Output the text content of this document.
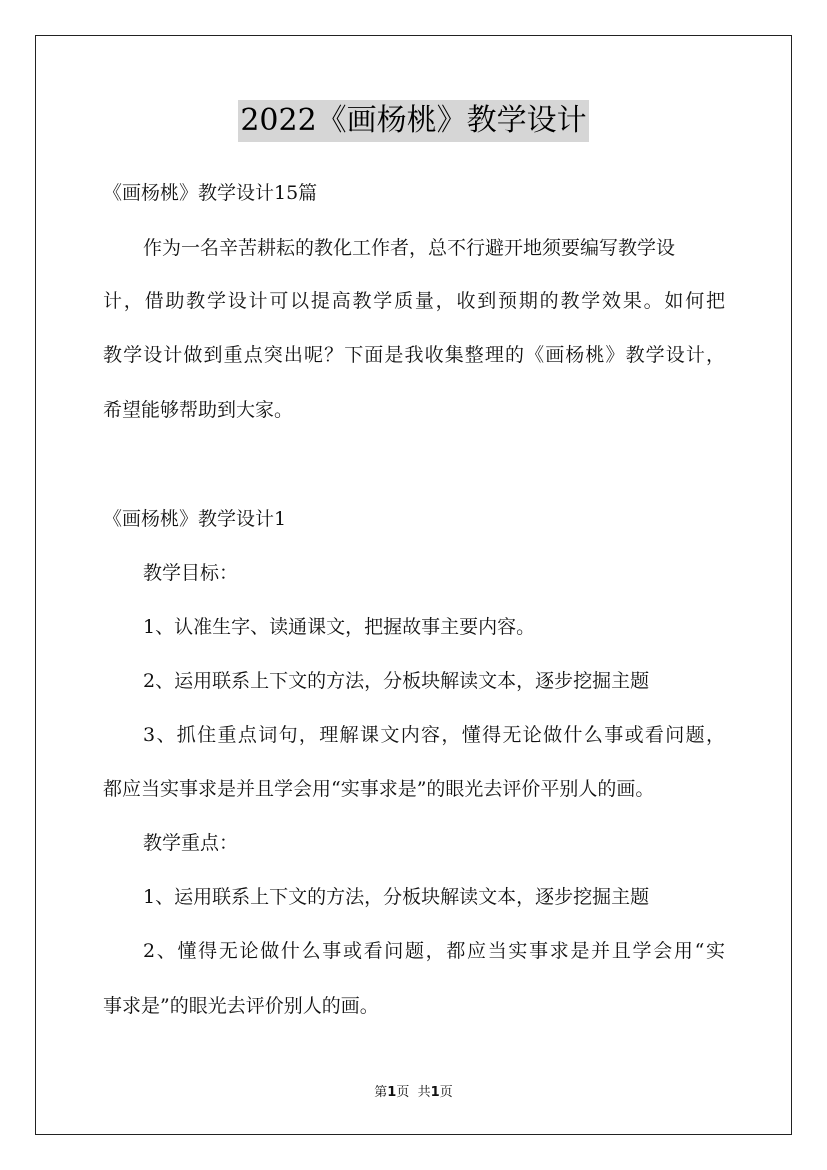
2022《画杨桃》教学设计
《画杨桃》教学设计15篇
作为一名辛苦耕耘的教化工作者，总不行避开地须要编写教学设
计，借助教学设计可以提高教学质量，收到预期的教学效果。如何把
教学设计做到重点突出呢？下面是我收集整理的《画杨桃》教学设计，
希望能够帮助到大家。
《画杨桃》教学设计1
教学目标：
1、认准生字、读通课文，把握故事主要内容。
2、运用联系上下文的方法，分板块解读文本，逐步挖掘主题
3、抓住重点词句，理解课文内容，懂得无论做什么事或看问题，
都应当实事求是并且学会用“实事求是”的眼光去评价平别人的画。
教学重点：
1、运用联系上下文的方法，分板块解读文本，逐步挖掘主题
2、懂得无论做什么事或看问题，都应当实事求是并且学会用“实
事求是”的眼光去评价别人的画。
第1页 共1页
